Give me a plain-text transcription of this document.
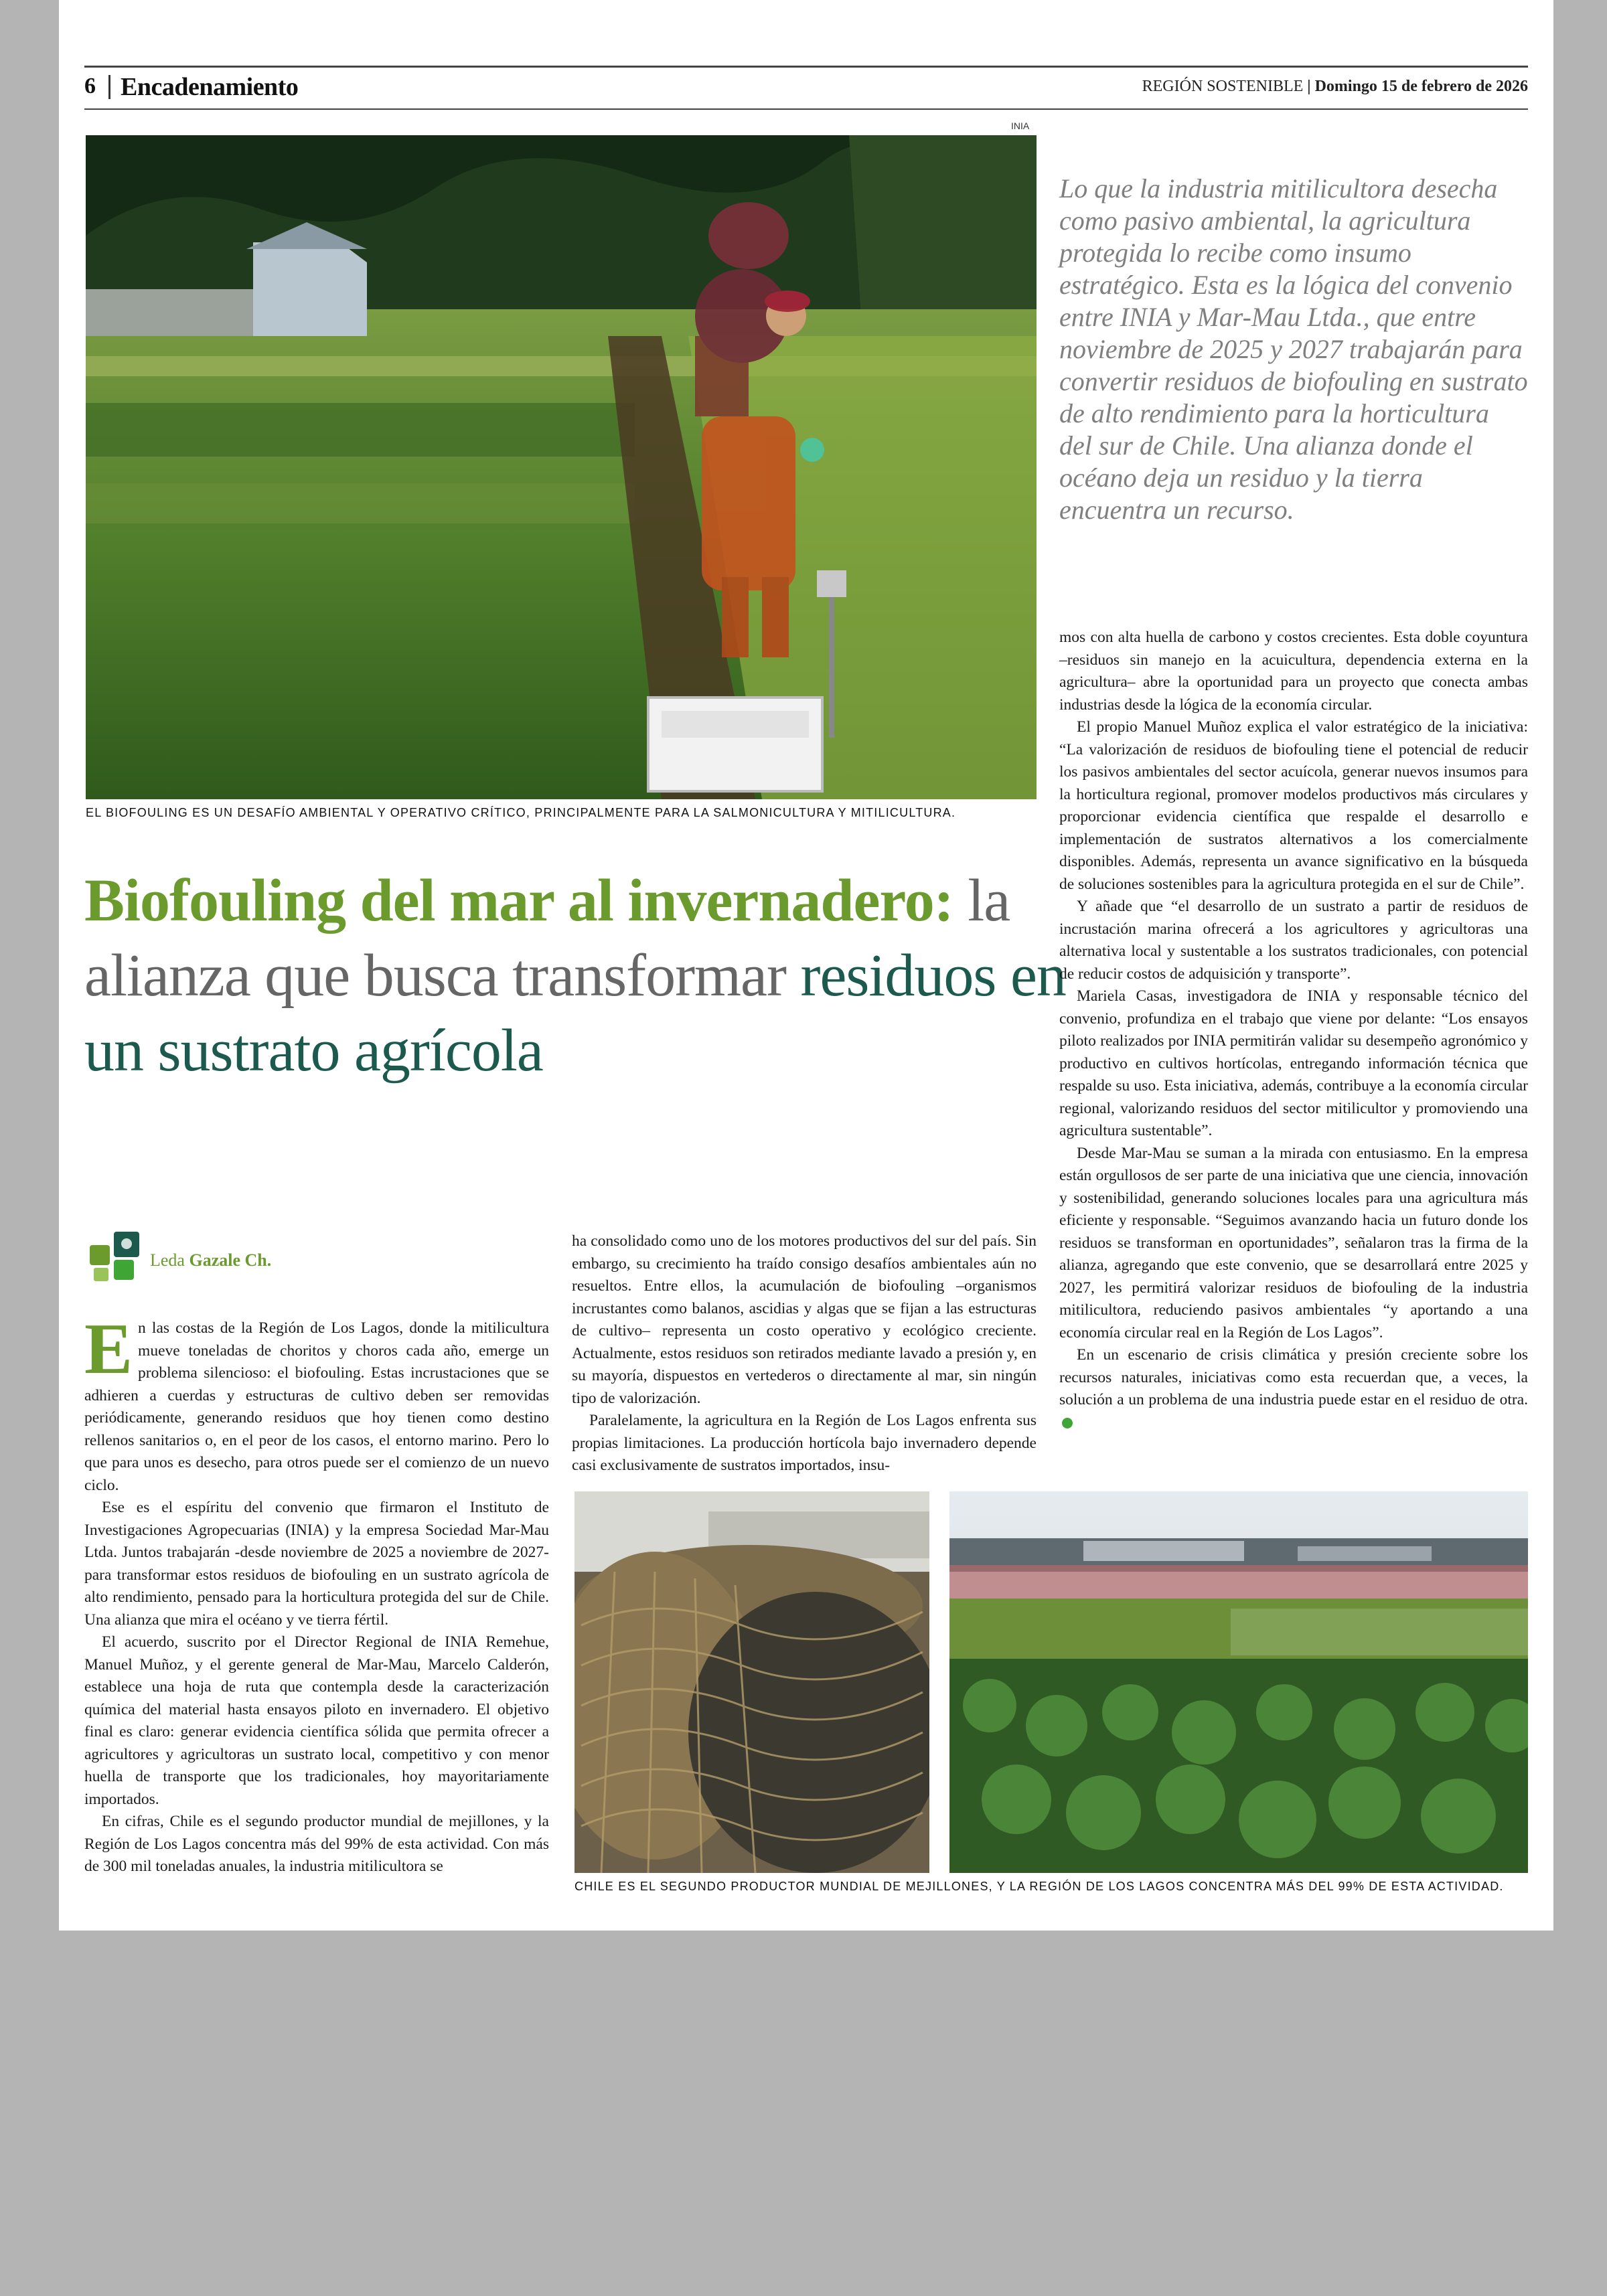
6 Encadenamiento	REGIÓN SOSTENIBLE | Domingo 15 de febrero de 2026
INIA
EL BIOFOULING ES UN DESAFÍO AMBIENTAL Y OPERATIVO CRÍTICO, PRINCIPALMENTE PARA LA SALMONICULTURA Y MITILICULTURA.
Lo que la industria mitilicultora desecha como pasivo ambiental, la agricultura protegida lo recibe como insumo estratégico. Esta es la lógica del convenio entre INIA y Mar-Mau Ltda., que entre noviembre de 2025 y 2027 trabajarán para convertir residuos de biofouling en sustrato de alto rendimiento para la horticultura del sur de Chile. Una alianza donde el océano deja un residuo y la tierra encuentra un recurso.
Biofouling del mar al invernadero: la alianza que busca transformar residuos en un sustrato agrícola
Leda Gazale Ch.

En las costas de la Región de Los Lagos, donde la mitilicultura mueve toneladas de choritos y choros cada año, emerge un problema silencioso: el biofouling. Estas incrustaciones que se adhieren a cuerdas y estructuras de cultivo deben ser removidas periódicamente, generando residuos que hoy tienen como destino rellenos sanitarios o, en el peor de los casos, el entorno marino. Pero lo que para unos es desecho, para otros puede ser el comienzo de un nuevo ciclo.

Ese es el espíritu del convenio que firmaron el Instituto de Investigaciones Agropecuarias (INIA) y la empresa Sociedad Mar-Mau Ltda. Juntos trabajarán -desde noviembre de 2025 a noviembre de 2027- para transformar estos residuos de biofouling en un sustrato agrícola de alto rendimiento, pensado para la horticultura protegida del sur de Chile. Una alianza que mira el océano y ve tierra fértil.

El acuerdo, suscrito por el Director Regional de INIA Remehue, Manuel Muñoz, y el gerente general de Mar-Mau, Marcelo Calderón, establece una hoja de ruta que contempla desde la caracterización química del material hasta ensayos piloto en invernadero. El objetivo final es claro: generar evidencia científica sólida que permita ofrecer a agricultores y agricultoras un sustrato local, competitivo y con menor huella de transporte que los tradicionales, hoy mayoritariamente importados.

En cifras, Chile es el segundo productor mundial de mejillones, y la Región de Los Lagos concentra más del 99% de esta actividad. Con más de 300 mil toneladas anuales, la industria mitilicultora se

ha consolidado como uno de los motores productivos del sur del país. Sin embargo, su crecimiento ha traído consigo desafíos ambientales aún no resueltos. Entre ellos, la acumulación de biofouling –organismos incrustantes como balanos, ascidias y algas que se fijan a las estructuras de cultivo– representa un costo operativo y ecológico creciente. Actualmente, estos residuos son retirados mediante lavado a presión y, en su mayoría, dispuestos en vertederos o directamente al mar, sin ningún tipo de valorización.

Paralelamente, la agricultura en la Región de Los Lagos enfrenta sus propias limitaciones. La producción hortícola bajo invernadero depende casi exclusivamente de sustratos importados, insu-

mos con alta huella de carbono y costos crecientes. Esta doble coyuntura –residuos sin manejo en la acuicultura, dependencia externa en la agricultura– abre la oportunidad para un proyecto que conecta ambas industrias desde la lógica de la economía circular.

El propio Manuel Muñoz explica el valor estratégico de la iniciativa: “La valorización de residuos de biofouling tiene el potencial de reducir los pasivos ambientales del sector acuícola, generar nuevos insumos para la horticultura regional, promover modelos productivos más circulares y proporcionar evidencia científica que respalde el desarrollo e implementación de sustratos alternativos a los comercialmente disponibles. Además, representa un avance significativo en la búsqueda de soluciones sostenibles para la agricultura protegida en el sur de Chile”.

Y añade que “el desarrollo de un sustrato a partir de residuos de incrustación marina ofrecerá a los agricultores y agricultoras una alternativa local y sustentable a los sustratos tradicionales, con potencial de reducir costos de adquisición y transporte”.

Mariela Casas, investigadora de INIA y responsable técnico del convenio, profundiza en el trabajo que viene por delante: “Los ensayos piloto realizados por INIA permitirán validar su desempeño agronómico y productivo en cultivos hortícolas, entregando información técnica que respalde su uso. Esta iniciativa, además, contribuye a la economía circular regional, valorizando residuos del sector mitilicultor y promoviendo una agricultura sustentable”.

Desde Mar-Mau se suman a la mirada con entusiasmo. En la empresa están orgullosos de ser parte de una iniciativa que une ciencia, innovación y sostenibilidad, generando soluciones locales para una agricultura más eficiente y responsable. “Seguimos avanzando hacia un futuro donde los residuos se transforman en oportunidades”, señalaron tras la firma de la alianza, agregando que este convenio, que se desarrollará entre 2025 y 2027, les permitirá valorizar residuos de biofouling de la industria mitilicultora, reduciendo pasivos ambientales “y aportando a una economía circular real en la Región de Los Lagos”.

En un escenario de crisis climática y presión creciente sobre los recursos naturales, iniciativas como esta recuerdan que, a veces, la solución a un problema de una industria puede estar en el residuo de otra.

CHILE ES EL SEGUNDO PRODUCTOR MUNDIAL DE MEJILLONES, Y LA REGIÓN DE LOS LAGOS CONCENTRA MÁS DEL 99% DE ESTA ACTIVIDAD.
